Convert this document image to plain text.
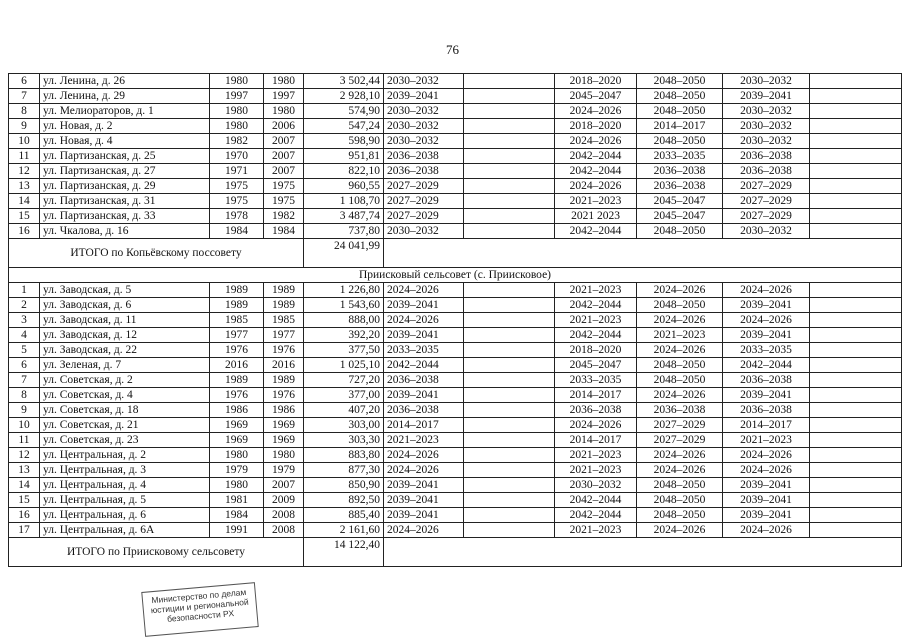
76
6	ул. Ленина, д. 26	1980	1980	3 502,44	2030–2032		2018–2020	2048–2050	2030–2032	
7	ул. Ленина, д. 29	1997	1997	2 928,10	2039–2041		2045–2047	2048–2050	2039–2041	
8	ул. Мелиораторов, д. 1	1980	1980	574,90	2030–2032		2024–2026	2048–2050	2030–2032	
9	ул. Новая, д. 2	1980	2006	547,24	2030–2032		2018–2020	2014–2017	2030–2032	
10	ул. Новая, д. 4	1982	2007	598,90	2030–2032		2024–2026	2048–2050	2030–2032	
11	ул. Партизанская, д. 25	1970	2007	951,81	2036–2038		2042–2044	2033–2035	2036–2038	
12	ул. Партизанская, д. 27	1971	2007	822,10	2036–2038		2042–2044	2036–2038	2036–2038	
13	ул. Партизанская, д. 29	1975	1975	960,55	2027–2029		2024–2026	2036–2038	2027–2029	
14	ул. Партизанская, д. 31	1975	1975	1 108,70	2027–2029		2021–2023	2045–2047	2027–2029	
15	ул. Партизанская, д. 33	1978	1982	3 487,74	2027–2029		2021 2023	2045–2047	2027–2029	
16	ул. Чкалова, д. 16	1984	1984	737,80	2030–2032		2042–2044	2048–2050	2030–2032	
ИТОГО по Копьёвскому поссовету				24 041,99						
Приисковый сельсовет (с. Приисковое)										
1	ул. Заводская, д. 5	1989	1989	1 226,80	2024–2026		2021–2023	2024–2026	2024–2026	
2	ул. Заводская, д. 6	1989	1989	1 543,60	2039–2041		2042–2044	2048–2050	2039–2041	
3	ул. Заводская, д. 11	1985	1985	888,00	2024–2026		2021–2023	2024–2026	2024–2026	
4	ул. Заводская, д. 12	1977	1977	392,20	2039–2041		2042–2044	2021–2023	2039–2041	
5	ул. Заводская, д. 22	1976	1976	377,50	2033–2035		2018–2020	2024–2026	2033–2035	
6	ул. Зеленая, д. 7	2016	2016	1 025,10	2042–2044		2045–2047	2048–2050	2042–2044	
7	ул. Советская, д. 2	1989	1989	727,20	2036–2038		2033–2035	2048–2050	2036–2038	
8	ул. Советская, д. 4	1976	1976	377,00	2039–2041		2014–2017	2024–2026	2039–2041	
9	ул. Советская, д. 18	1986	1986	407,20	2036–2038		2036–2038	2036–2038	2036–2038	
10	ул. Советская, д. 21	1969	1969	303,00	2014–2017		2024–2026	2027–2029	2014–2017	
11	ул. Советская, д. 23	1969	1969	303,30	2021–2023		2014–2017	2027–2029	2021–2023	
12	ул. Центральная, д. 2	1980	1980	883,80	2024–2026		2021–2023	2024–2026	2024–2026	
13	ул. Центральная, д. 3	1979	1979	877,30	2024–2026		2021–2023	2024–2026	2024–2026	
14	ул. Центральная, д. 4	1980	2007	850,90	2039–2041		2030–2032	2048–2050	2039–2041	
15	ул. Центральная, д. 5	1981	2009	892,50	2039–2041		2042–2044	2048–2050	2039–2041	
16	ул. Центральная, д. 6	1984	2008	885,40	2039–2041		2042–2044	2048–2050	2039–2041	
17	ул. Центральная, д. 6А	1991	2008	2 161,60	2024–2026		2021–2023	2024–2026	2024–2026	
ИТОГО по Приисковому сельсовету				14 122,40						
Министерство по делам юстиции и региональной безопасности РХ
